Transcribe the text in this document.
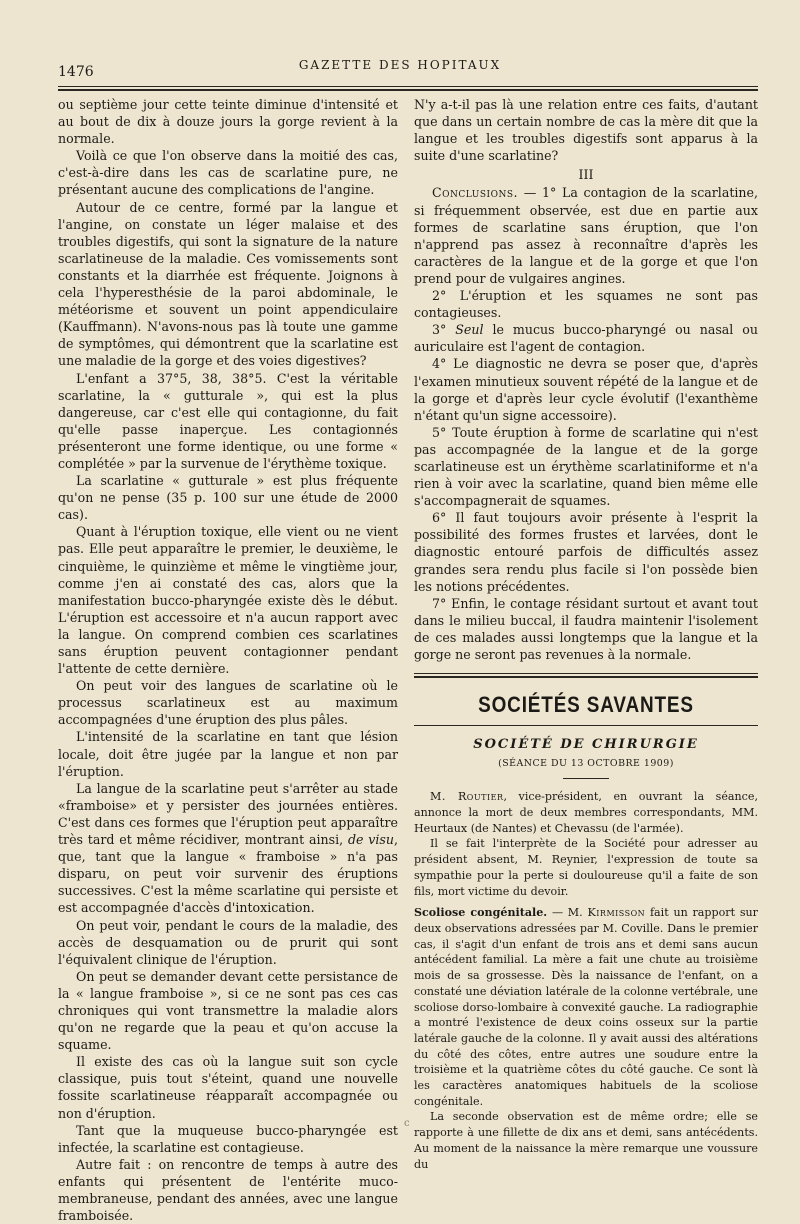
1476	GAZETTE DES HOPITAUX

ou septième jour cette teinte diminue d'intensité et au bout de dix à douze jours la gorge revient à la normale.

Voilà ce que l'on observe dans la moitié des cas, c'est-à-dire dans les cas de scarlatine pure, ne présentant aucune des complications de l'angine.

Autour de ce centre, formé par la langue et l'angine, on constate un léger malaise et des troubles digestifs, qui sont la signature de la nature scarlatineuse de la maladie. Ces vomissements sont constants et la diarrhée est fréquente. Joignons à cela l'hyperesthésie de la paroi abdominale, le météorisme et souvent un point appendiculaire (Kauffmann). N'avons-nous pas là toute une gamme de symptômes, qui démontrent que la scarlatine est une maladie de la gorge et des voies digestives?

L'enfant a 37°5, 38, 38°5. C'est la véritable scarlatine, la « gutturale », qui est la plus dangereuse, car c'est elle qui contagionne, du fait qu'elle passe inaperçue. Les contagionnés présenteront une forme identique, ou une forme « complétée » par la survenue de l'érythème toxique.

La scarlatine « gutturale » est plus fréquente qu'on ne pense (35 p. 100 sur une étude de 2000 cas).

Quant à l'éruption toxique, elle vient ou ne vient pas. Elle peut apparaître le premier, le deuxième, le cinquième, le quinzième et même le vingtième jour, comme j'en ai constaté des cas, alors que la manifestation bucco-pharyngée existe dès le début. L'éruption est accessoire et n'a aucun rapport avec la langue. On comprend combien ces scarlatines sans éruption peuvent contagionner pendant l'attente de cette dernière.

On peut voir des langues de scarlatine où le processus scarlatineux est au maximum accompagnées d'une éruption des plus pâles.

L'intensité de la scarlatine en tant que lésion locale, doit être jugée par la langue et non par l'éruption.

La langue de la scarlatine peut s'arrêter au stade «framboise» et y persister des journées entières. C'est dans ces formes que l'éruption peut apparaître très tard et même récidiver, montrant ainsi, de visu, que, tant que la langue « framboise » n'a pas disparu, on peut voir survenir des éruptions successives. C'est la même scarlatine qui persiste et est accompagnée d'accès d'intoxication.

On peut voir, pendant le cours de la maladie, des accès de desquamation ou de prurit qui sont l'équivalent clinique de l'éruption.

On peut se demander devant cette persistance de la « langue framboise », si ce ne sont pas ces cas chroniques qui vont transmettre la maladie alors qu'on ne regarde que la peau et qu'on accuse la squame.

Il existe des cas où la langue suit son cycle classique, puis tout s'éteint, quand une nouvelle fossite scarlatineuse réapparaît accompagnée ou non d'éruption.

Tant que la muqueuse bucco-pharyngée est infectée, la scarlatine est contagieuse.

Autre fait : on rencontre de temps à autre des enfants qui présentent de l'entérite muco-membraneuse, pendant des années, avec une langue framboisée.

N'y a-t-il pas là une relation entre ces faits, d'autant que dans un certain nombre de cas la mère dit que la langue et les troubles digestifs sont apparus à la suite d'une scarlatine?

III

Conclusions. — 1° La contagion de la scarlatine, si fréquemment observée, est due en partie aux formes de scarlatine sans éruption, que l'on n'apprend pas assez à reconnaître d'après les caractères de la langue et de la gorge et que l'on prend pour de vulgaires angines.

2° L'éruption et les squames ne sont pas contagieuses.

3° Seul le mucus bucco-pharyngé ou nasal ou auriculaire est l'agent de contagion.

4° Le diagnostic ne devra se poser que, d'après l'examen minutieux souvent répété de la langue et de la gorge et d'après leur cycle évolutif (l'exanthème n'étant qu'un signe accessoire).

5° Toute éruption à forme de scarlatine qui n'est pas accompagnée de la langue et de la gorge scarlatineuse est un érythème scarlatiniforme et n'a rien à voir avec la scarlatine, quand bien même elle s'accompagnerait de squames.

6° Il faut toujours avoir présente à l'esprit la possibilité des formes frustes et larvées, dont le diagnostic entouré parfois de difficultés assez grandes sera rendu plus facile si l'on possède bien les notions précédentes.

7° Enfin, le contage résidant surtout et avant tout dans le milieu buccal, il faudra maintenir l'isolement de ces malades aussi longtemps que la langue et la gorge ne seront pas revenues à la normale.

SOCIÉTÉS SAVANTES
SOCIÉTÉ DE CHIRURGIE
(SÉANCE DU 13 OCTOBRE 1909)

M. Routier, vice-président, en ouvrant la séance, annonce la mort de deux membres correspondants, MM. Heurtaux (de Nantes) et Chevassu (de l'armée).

Il se fait l'interprète de la Société pour adresser au président absent, M. Reynier, l'expression de toute sa sympathie pour la perte si douloureuse qu'il a faite de son fils, mort victime du devoir.

Scoliose congénitale. — M. Kirmisson fait un rapport sur deux observations adressées par M. Coville. Dans le premier cas, il s'agit d'un enfant de trois ans et demi sans aucun antécédent familial. La mère a fait une chute au troisième mois de sa grossesse. Dès la naissance de l'enfant, on a constaté une déviation latérale de la colonne vertébrale, une scoliose dorso-lombaire à convexité gauche. La radiographie a montré l'existence de deux coins osseux sur la partie latérale gauche de la colonne. Il y avait aussi des altérations du côté des côtes, entre autres une soudure entre la troisième et la quatrième côtes du côté gauche. Ce sont là les caractères anatomiques habituels de la scoliose congénitale.

La seconde observation est de même ordre; elle se rapporte à une fillette de dix ans et demi, sans antécédents. Au moment de la naissance la mère remarque une voussure du

c
